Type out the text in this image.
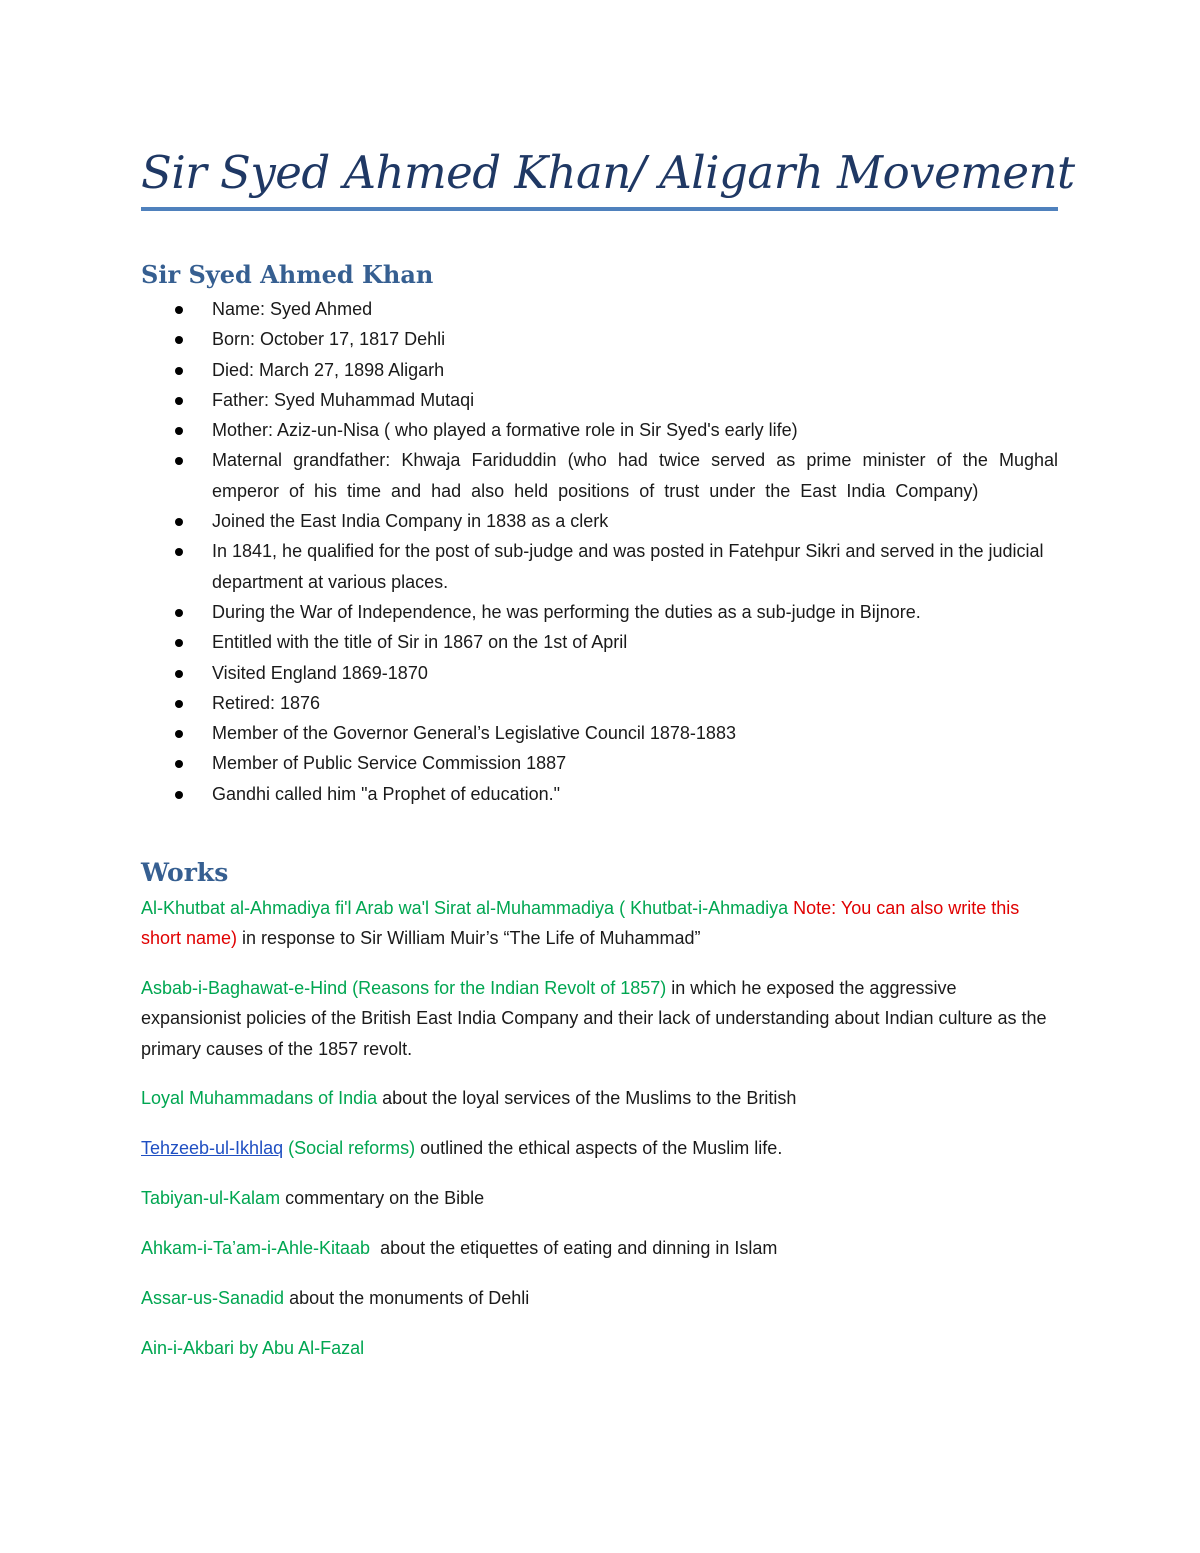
Sir Syed Ahmed Khan/ Aligarh Movement
Sir Syed Ahmed Khan
Name: Syed Ahmed
Born: October 17, 1817 Dehli
Died: March 27, 1898 Aligarh
Father: Syed Muhammad Mutaqi
Mother: Aziz-un-Nisa ( who played a formative role in Sir Syed's early life)
Maternal grandfather: Khwaja Fariduddin (who had twice served as prime minister of the Mughal emperor of his time and had also held positions of trust under the East India Company)
Joined the East India Company in 1838 as a clerk
In 1841, he qualified for the post of sub-judge and was posted in Fatehpur Sikri and served in the judicial department at various places.
During the War of Independence, he was performing the duties as a sub-judge in Bijnore.
Entitled with the title of Sir in 1867 on the 1st of April
Visited England 1869-1870
Retired: 1876
Member of the Governor General’s Legislative Council 1878-1883
Member of Public Service Commission 1887
Gandhi called him "a Prophet of education."
Works
Al-Khutbat al-Ahmadiya fi'l Arab wa'l Sirat al-Muhammadiya ( Khutbat-i-Ahmadiya Note: You can also write this short name) in response to Sir William Muir’s “The Life of Muhammad”
Asbab-i-Baghawat-e-Hind (Reasons for the Indian Revolt of 1857) in which he exposed the aggressive expansionist policies of the British East India Company and their lack of understanding about Indian culture as the primary causes of the 1857 revolt.
Loyal Muhammadans of India about the loyal services of the Muslims to the British
Tehzeeb-ul-Ikhlaq (Social reforms) outlined the ethical aspects of the Muslim life.
Tabiyan-ul-Kalam commentary on the Bible
Ahkam-i-Ta’am-i-Ahle-Kitaab  about the etiquettes of eating and dinning in Islam
Assar-us-Sanadid about the monuments of Dehli
Ain-i-Akbari by Abu Al-Fazal
